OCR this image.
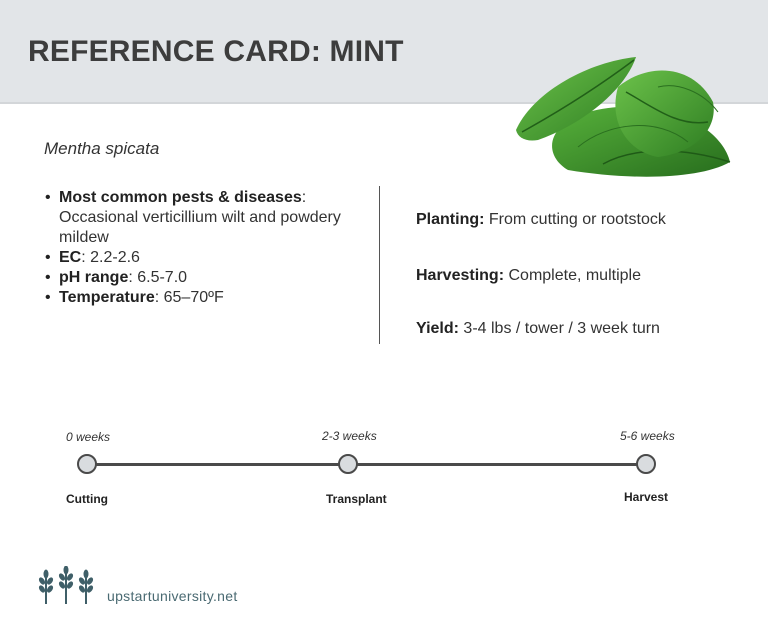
REFERENCE CARD: MINT
Mentha spicata
• Most common pests & diseases: Occasional verticillium wilt and powdery mildew
• EC: 2.2-2.6
• pH range: 6.5-7.0
• Temperature: 65–70ºF
Planting: From cutting or rootstock
Harvesting: Complete, multiple
Yield: 3-4 lbs / tower / 3 week turn
0 weeks
Cutting
2-3 weeks
Transplant
5-6 weeks
Harvest
upstartuniversity.net
